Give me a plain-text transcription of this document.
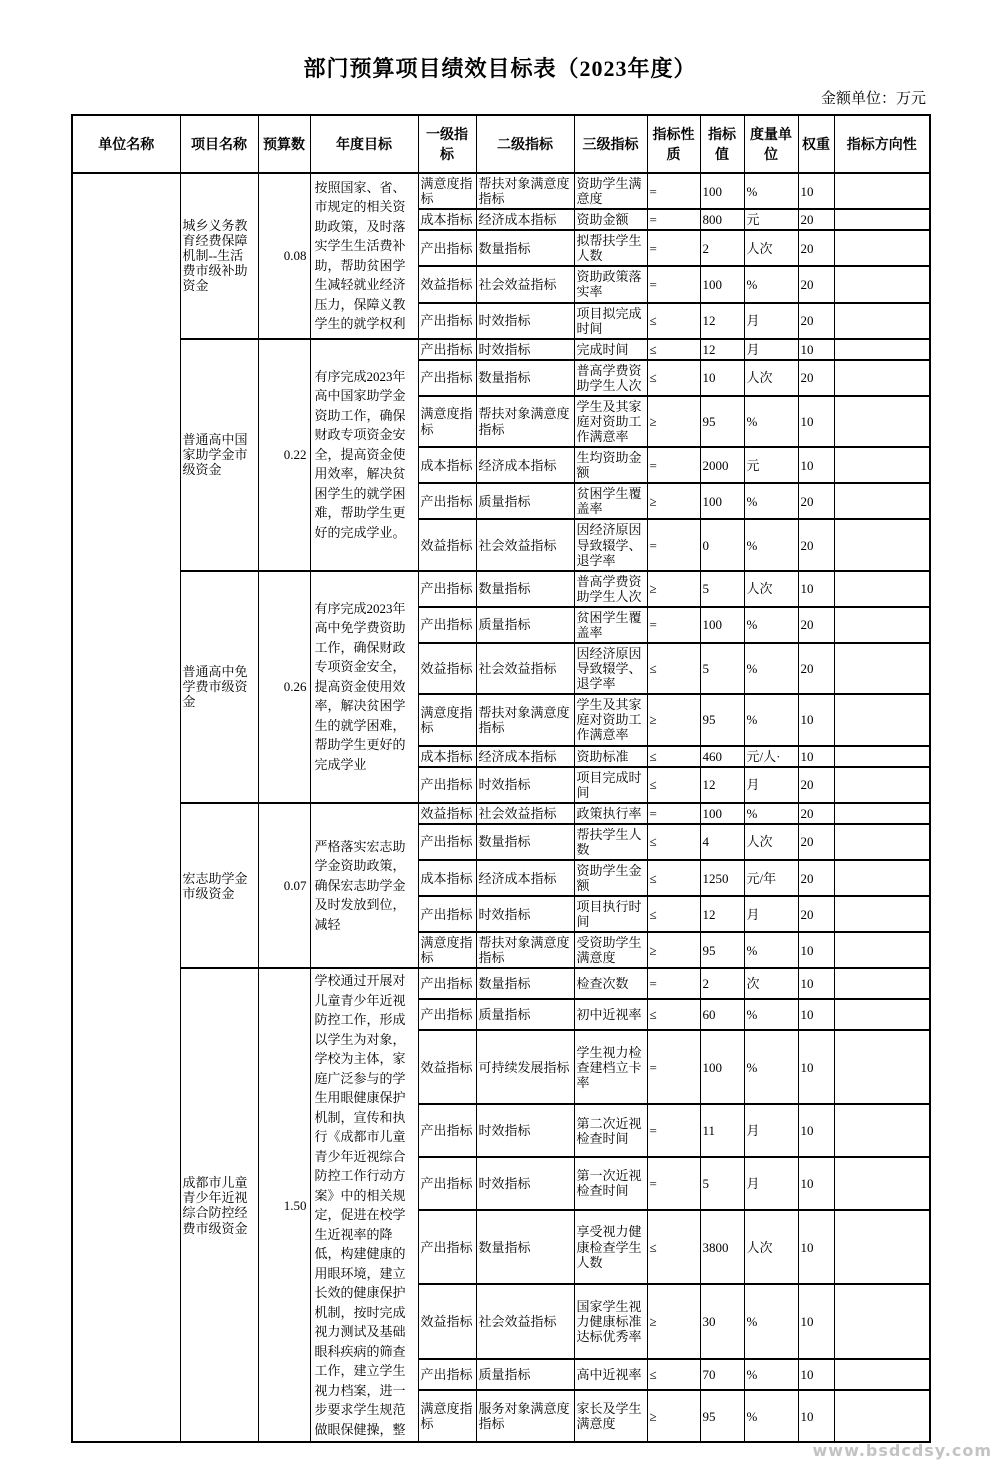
部门预算项目绩效目标表（2023年度）
金额单位：万元
单位名称	项目名称	预算数	年度目标	一级指标	二级指标	三级指标	指标性质	指标值	度量单位	权重	指标方向性
	城乡义务教育经费保障机制--生活费市级补助资金	0.08	按照国家、省、市规定的相关资助政策，及时落实学生生活费补助，帮助贫困学生减轻就业经济压力，保障义教学生的就学权利	满意度指标	帮扶对象满意度指标	资助学生满意度	=	100	%	10	
				成本指标	经济成本指标	资助金额	=	800	元	20	
				产出指标	数量指标	拟帮扶学生人数	=	2	人次	20	
				效益指标	社会效益指标	资助政策落实率	=	100	%	20	
				产出指标	时效指标	项目拟完成时间	≤	12	月	20	
	普通高中国家助学金市级资金	0.22	有序完成2023年高中国家助学金资助工作，确保财政专项资金安全，提高资金使用效率，解决贫困学生的就学困难，帮助学生更好的完成学业。	产出指标	时效指标	完成时间	≤	12	月	10	
				产出指标	数量指标	普高学费资助学生人次	≤	10	人次	20	
				满意度指标	帮扶对象满意度指标	学生及其家庭对资助工作满意率	≥	95	%	10	
				成本指标	经济成本指标	生均资助金额	=	2000	元	10	
				产出指标	质量指标	贫困学生覆盖率	≥	100	%	20	
				效益指标	社会效益指标	因经济原因导致辍学、退学率	=	0	%	20	
	普通高中免学费市级资金	0.26	有序完成2023年高中免学费资助工作，确保财政专项资金安全，提高资金使用效率，解决贫困学生的就学困难，帮助学生更好的完成学业	产出指标	数量指标	普高学费资助学生人次	≥	5	人次	10	
				产出指标	质量指标	贫困学生覆盖率	=	100	%	20	
				效益指标	社会效益指标	因经济原因导致辍学、退学率	≤	5	%	20	
				满意度指标	帮扶对象满意度指标	学生及其家庭对资助工作满意率	≥	95	%	10	
				成本指标	经济成本指标	资助标准	≤	460	元/人·	10	
				产出指标	时效指标	项目完成时间	≤	12	月	20	
	宏志助学金市级资金	0.07	严格落实宏志助学金资助政策，确保宏志助学金及时发放到位，减轻	效益指标	社会效益指标	政策执行率	=	100	%	20	
				产出指标	数量指标	帮扶学生人数	≤	4	人次	20	
				成本指标	经济成本指标	资助学生金额	≤	1250	元/年	20	
				产出指标	时效指标	项目执行时间	≤	12	月	20	
				满意度指标	帮扶对象满意度指标	受资助学生满意度	≥	95	%	10	
	成都市儿童青少年近视综合防控经费市级资金	1.50	学校通过开展对儿童青少年近视防控工作，形成以学生为对象，学校为主体，家庭广泛参与的学生用眼健康保护机制，宣传和执行《成都市儿童青少年近视综合防控工作行动方案》中的相关规定，促进在校学生近视率的降低，构建健康的用眼环境，建立长效的健康保护机制，按时完成视力测试及基础眼科疾病的筛查工作，建立学生视力档案，进一步要求学生规范做眼保健操，整	产出指标	数量指标	检查次数	=	2	次	10	
				产出指标	质量指标	初中近视率	≤	60	%	10	
				效益指标	可持续发展指标	学生视力检查建档立卡率	=	100	%	10	
				产出指标	时效指标	第二次近视检查时间	=	11	月	10	
				产出指标	时效指标	第一次近视检查时间	=	5	月	10	
				产出指标	数量指标	享受视力健康检查学生人数	≤	3800	人次	10	
				效益指标	社会效益指标	国家学生视力健康标准达标优秀率	≥	30	%	10	
				产出指标	质量指标	高中近视率	≤	70	%	10	
				满意度指标	服务对象满意度指标	家长及学生满意度	≥	95	%	10	
www.bsdcdsy.com
